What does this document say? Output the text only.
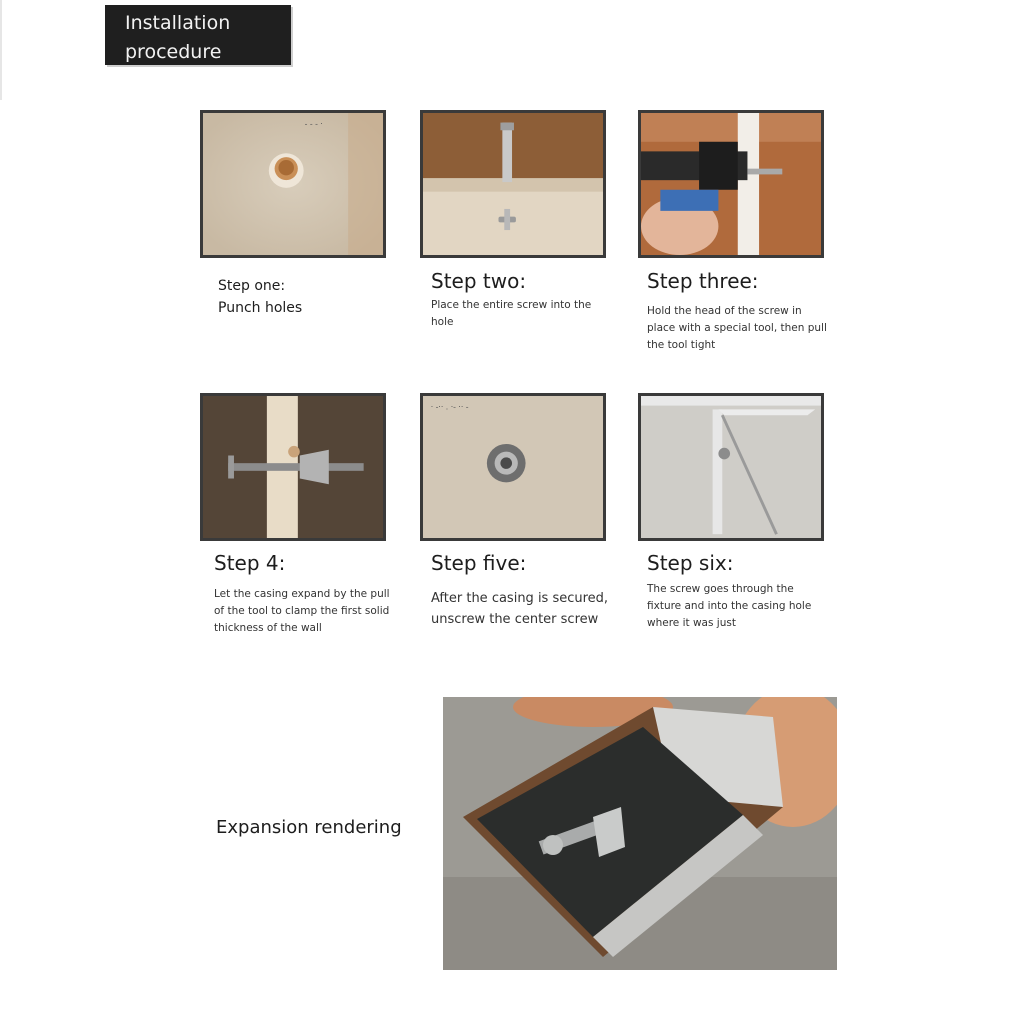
Installation
procedure
- - - ·
Step one:
Punch holes
Step two:
Place the entire screw into the hole
Step three:
Hold the head of the screw in place with a special tool, then pull the tool tight
Step 4:
Let the casing expand by the pull of the tool to clamp the first solid thickness of the wall
· -·· . ·- ·· -
Step five:
After the casing is secured, unscrew the center screw
Step six:
The screw goes through the fixture and into the casing hole where it was just
Expansion rendering
